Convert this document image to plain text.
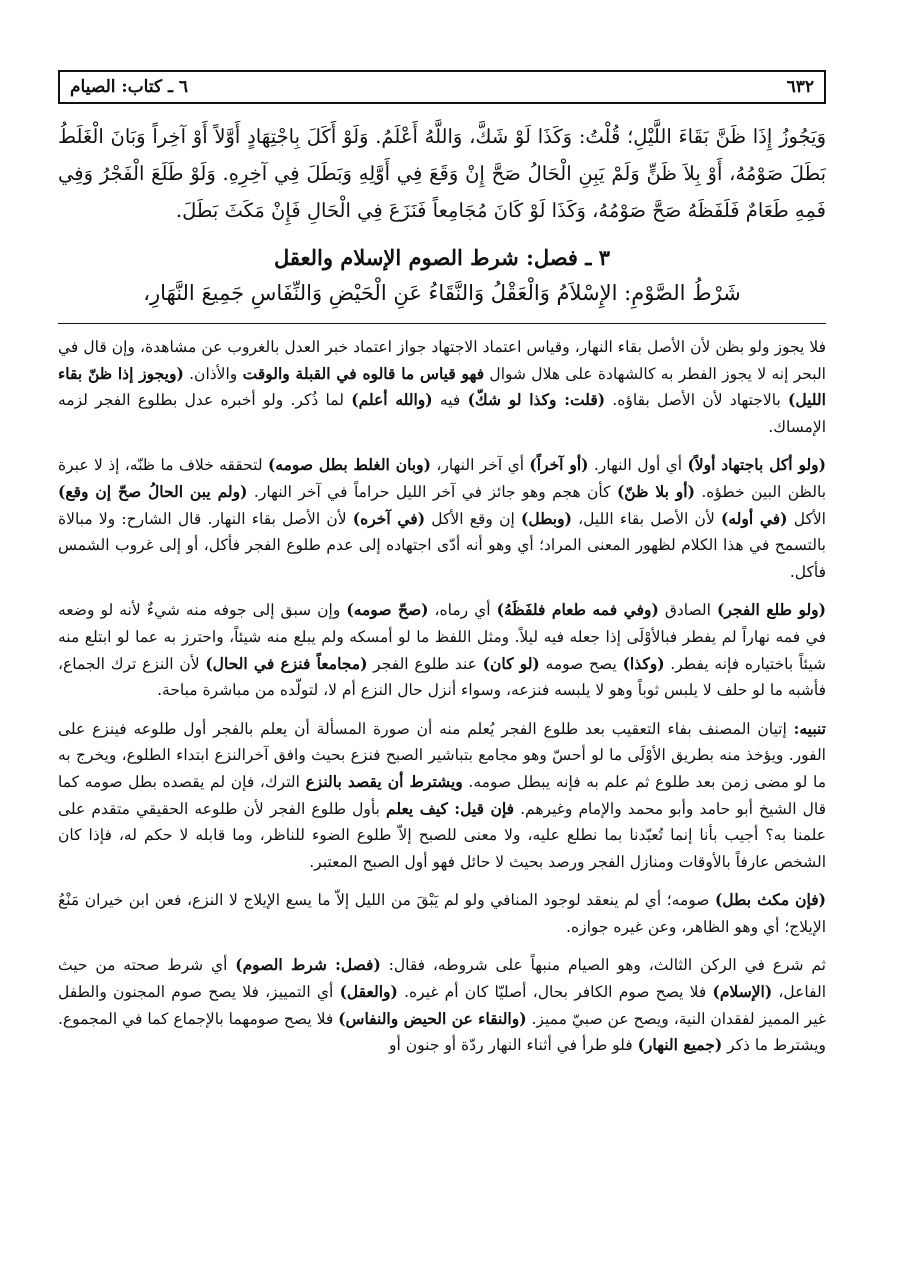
٦٣٢
٦ ـ كتاب: الصيام
وَيَجُوزُ إِذَا ظَنَّ بَقَاءَ اللَّيْلِ؛ قُلْتُ: وَكَذَا لَوْ شَكَّ، وَاللَّهُ أَعْلَمُ. وَلَوْ أَكَلَ بِاجْتِهَادٍ أَوَّلاً أَوْ آخِراً وَبَانَ الْغَلَطُ بَطَلَ صَوْمُهُ، أَوْ بِلاَ ظَنٍّ وَلَمْ يَبِنِ الْحَالُ صَحَّ إِنْ وَقَعَ فِي أَوَّلِهِ وَبَطَلَ فِي آخِرِهِ. وَلَوْ طَلَعَ الْفَجْرُ وَفِي فَمِهِ طَعَامٌ فَلَفَظَهُ صَحَّ صَوْمُهُ، وَكَذَا لَوْ كَانَ مُجَامِعاً فَنَزَعَ فِي الْحَالِ فَإِنْ مَكَثَ بَطَلَ.
٣ ـ فصل: شرط الصوم الإسلام والعقل
شَرْطُ الصَّوْمِ: الإِسْلاَمُ وَالْعَقْلُ وَالنَّقَاءُ عَنِ الْحَيْضِ وَالنِّفَاسِ جَمِيعَ النَّهَارِ،

فلا يجوز ولو بظن لأن الأصل بقاء النهار، وقياس اعتماد الاجتهاد جواز اعتماد خبر العدل بالغروب عن مشاهدة، وإن قال في البحر إنه لا يجوز الفطر به كالشهادة على هلال شوال فهو قياس ما قالوه في القبلة والوقت والأذان. (ويجوز إذا ظنّ بقاء الليل) بالاجتهاد لأن الأصل بقاؤه. (قلت: وكذا لو شكّ) فيه (والله أعلم) لما ذُكر. ولو أخبره عدل بطلوع الفجر لزمه الإمساك.

(ولو أكل باجتهاد أولاً) أي أول النهار. (أو آخراً) أي آخر النهار، (وبان الغلط بطل صومه) لتحققه خلاف ما ظنّه، إذ لا عبرة بالظن البين خطؤه. (أو بلا ظنّ) كأن هجم وهو جائز في آخر الليل حراماً في آخر النهار. (ولم يبن الحالُ صحّ إن وقع) الأكل (في أوله) لأن الأصل بقاء الليل، (وبطل) إن وقع الأكل (في آخره) لأن الأصل بقاء النهار. قال الشارح: ولا مبالاة بالتسمح في هذا الكلام لظهور المعنى المراد؛ أي وهو أنه أدّى اجتهاده إلى عدم طلوع الفجر فأكل، أو إلى غروب الشمس فأكل.

(ولو طلع الفجر) الصادق (وفي فمه طعام فلفَظَهُ) أي رماه، (صحّ صومه) وإن سبق إلى جوفه منه شيءٌ لأنه لو وضعه في فمه نهاراً لم يفطر فبالأوْلَى إذا جعله فيه ليلاً. ومثل اللفظ ما لو أمسكه ولم يبلع منه شيئاً، واحترز به عما لو ابتلع منه شيئاً باختياره فإنه يفطر. (وكذا) يصح صومه (لو كان) عند طلوع الفجر (مجامعاً فنزع في الحال) لأن النزع ترك الجماع، فأشبه ما لو حلف لا يلبس ثوباً وهو لا يلبسه فنزعه، وسواء أنزل حال النزع أم لا، لتولّده من مباشرة مباحة.

تنبيه: إتيان المصنف بفاء التعقيب بعد طلوع الفجر يُعلم منه أن صورة المسألة أن يعلم بالفجر أول طلوعه فينزع على الفور. ويؤخذ منه بطريق الأوْلَى ما لو أحسّ وهو مجامع بتباشير الصبح فنزع بحيث وافق آخرالنزع ابتداء الطلوع، ويخرج به ما لو مضى زمن بعد طلوع ثم علم به فإنه يبطل صومه. ويشترط أن يقصد بالنزع الترك، فإن لم يقصده بطل صومه كما قال الشيخ أبو حامد وأبو محمد والإمام وغيرهم. فإن قيل: كيف يعلم بأول طلوع الفجر لأن طلوعه الحقيقي متقدم على علمنا به؟ أجيب بأنا إنما تُعبّدنا بما نطلع عليه، ولا معنى للصبح إلاّ طلوع الضوء للناظر، وما قابله لا حكم له، فإذا كان الشخص عارفاً بالأوقات ومنازل الفجر ورصد بحيث لا حائل فهو أول الصبح المعتبر.

(فإن مكث بطل) صومه؛ أي لم ينعقد لوجود المنافي ولو لم يَبْقَ من الليل إلاّ ما يسع الإيلاج لا النزع، فعن ابن خيران مَنْعُ الإيلاج؛ أي وهو الظاهر، وعن غيره جوازه.

ثم شرع في الركن الثالث، وهو الصيام منبهاً على شروطه، فقال: (فصل: شرط الصوم) أي شرط صحته من حيث الفاعل، (الإسلام) فلا يصح صوم الكافر بحال، أصليّا كان أم غيره. (والعقل) أي التمييز، فلا يصح صوم المجنون والطفل غير المميز لفقدان النية، ويصح عن صبيّ مميز. (والنقاء عن الحيض والنفاس) فلا يصح صومهما بالإجماع كما في المجموع. ويشترط ما ذكر (جميع النهار) فلو طرأ في أثناء النهار ردّة أو جنون أو
